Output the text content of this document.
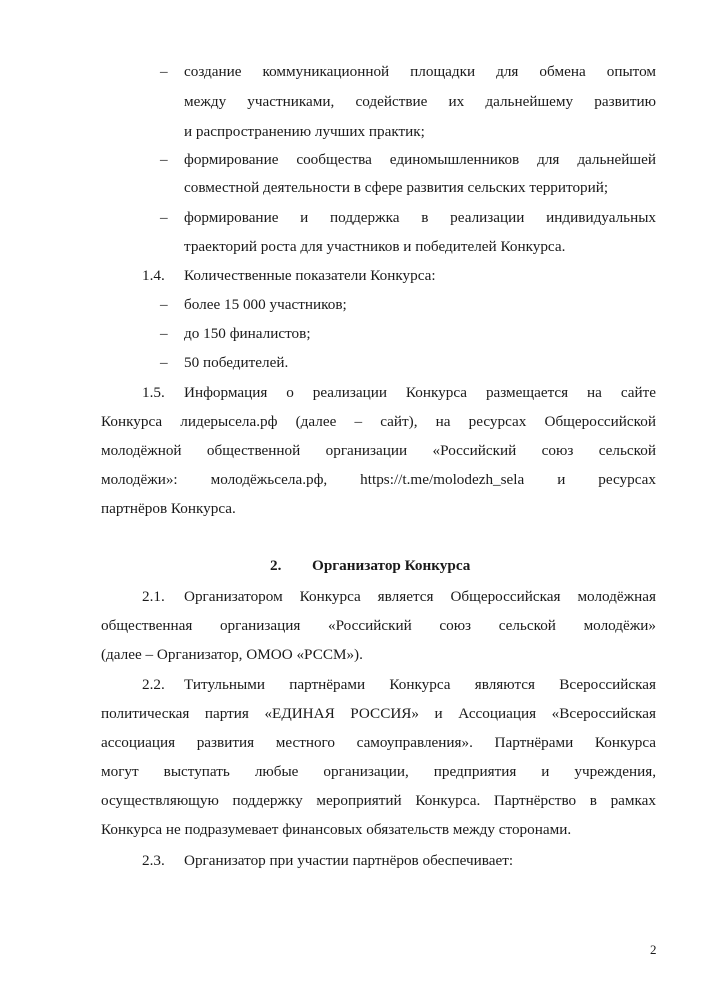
– создание коммуникационной площадки для обмена опытом
между участниками, содействие их дальнейшему развитию
и распространению лучших практик;
– формирование сообщества единомышленников для дальнейшей
совместной деятельности в сфере развития сельских территорий;
– формирование и поддержка в реализации индивидуальных
траекторий роста для участников и победителей Конкурса.
1.4. Количественные показатели Конкурса:
– более 15 000 участников;
– до 150 финалистов;
– 50 победителей.
1.5. Информация о реализации Конкурса размещается на сайте
Конкурса лидерысела.рф (далее – сайт), на ресурсах Общероссийской
молодёжной общественной организации «Российский союз сельской
молодёжи»: молодёжьсела.рф, https://t.me/molodezh_sela и ресурсах
партнёров Конкурса.
2. Организатор Конкурса
2.1. Организатором Конкурса является Общероссийская молодёжная
общественная организация «Российский союз сельской молодёжи»
(далее – Организатор, ОМОО «РССМ»).
2.2. Титульными партнёрами Конкурса являются Всероссийская
политическая партия «ЕДИНАЯ РОССИЯ» и Ассоциация «Всероссийская
ассоциация развития местного самоуправления». Партнёрами Конкурса
могут выступать любые организации, предприятия и учреждения,
осуществляющую поддержку мероприятий Конкурса. Партнёрство в рамках
Конкурса не подразумевает финансовых обязательств между сторонами.
2.3. Организатор при участии партнёров обеспечивает:
2
